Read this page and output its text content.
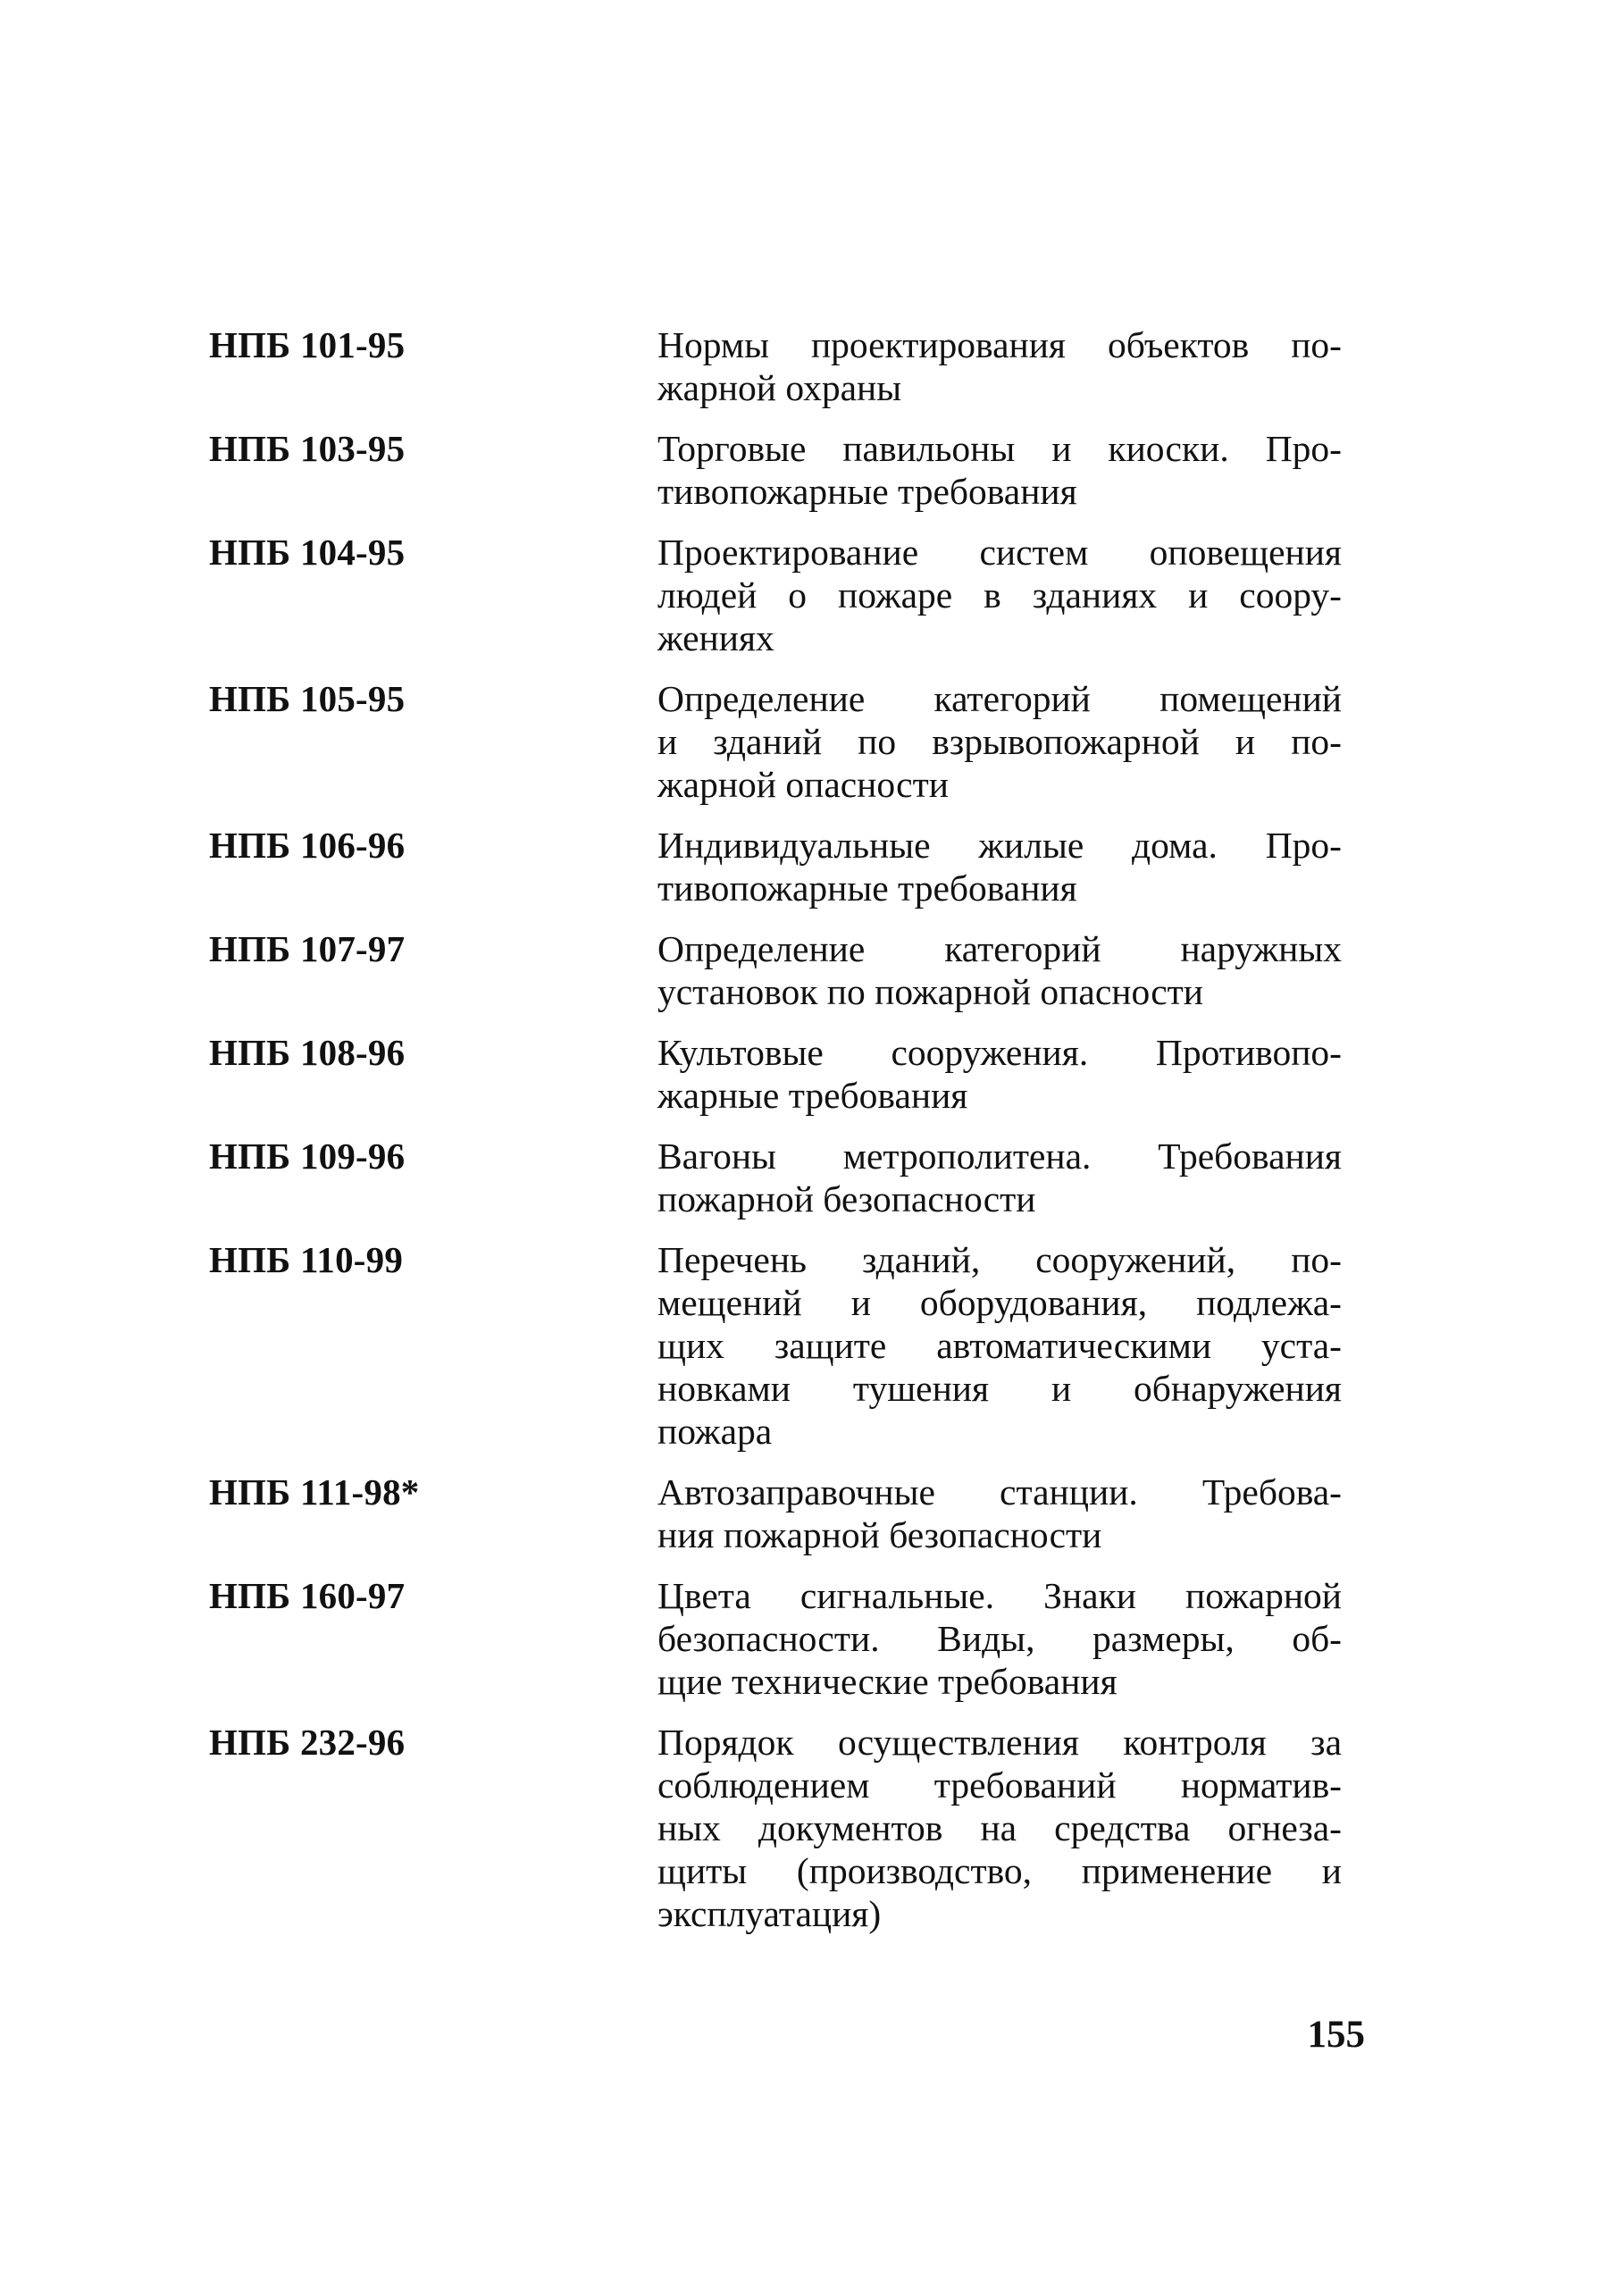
НПБ 101-95	Нормы проектирования объектов по-
жарной охраны
НПБ 103-95	Торговые павильоны и киоски. Про-
тивопожарные требования
НПБ 104-95	Проектирование систем оповещения
людей о пожаре в зданиях и соору-
жениях
НПБ 105-95	Определение категорий помещений
и зданий по взрывопожарной и по-
жарной опасности
НПБ 106-96	Индивидуальные жилые дома. Про-
тивопожарные требования
НПБ 107-97	Определение категорий наружных
установок по пожарной опасности
НПБ 108-96	Культовые сооружения. Противопо-
жарные требования
НПБ 109-96	Вагоны метрополитена. Требования
пожарной безопасности
НПБ 110-99	Перечень зданий, сооружений, по-
мещений и оборудования, подлежа-
щих защите автоматическими уста-
новками тушения и обнаружения
пожара
НПБ 111-98*	Автозаправочные станции. Требова-
ния пожарной безопасности
НПБ 160-97	Цвета сигнальные. Знаки пожарной
безопасности. Виды, размеры, об-
щие технические требования
НПБ 232-96	Порядок осуществления контроля за
соблюдением требований норматив-
ных документов на средства огнеза-
щиты (производство, применение и
эксплуатация)
155
